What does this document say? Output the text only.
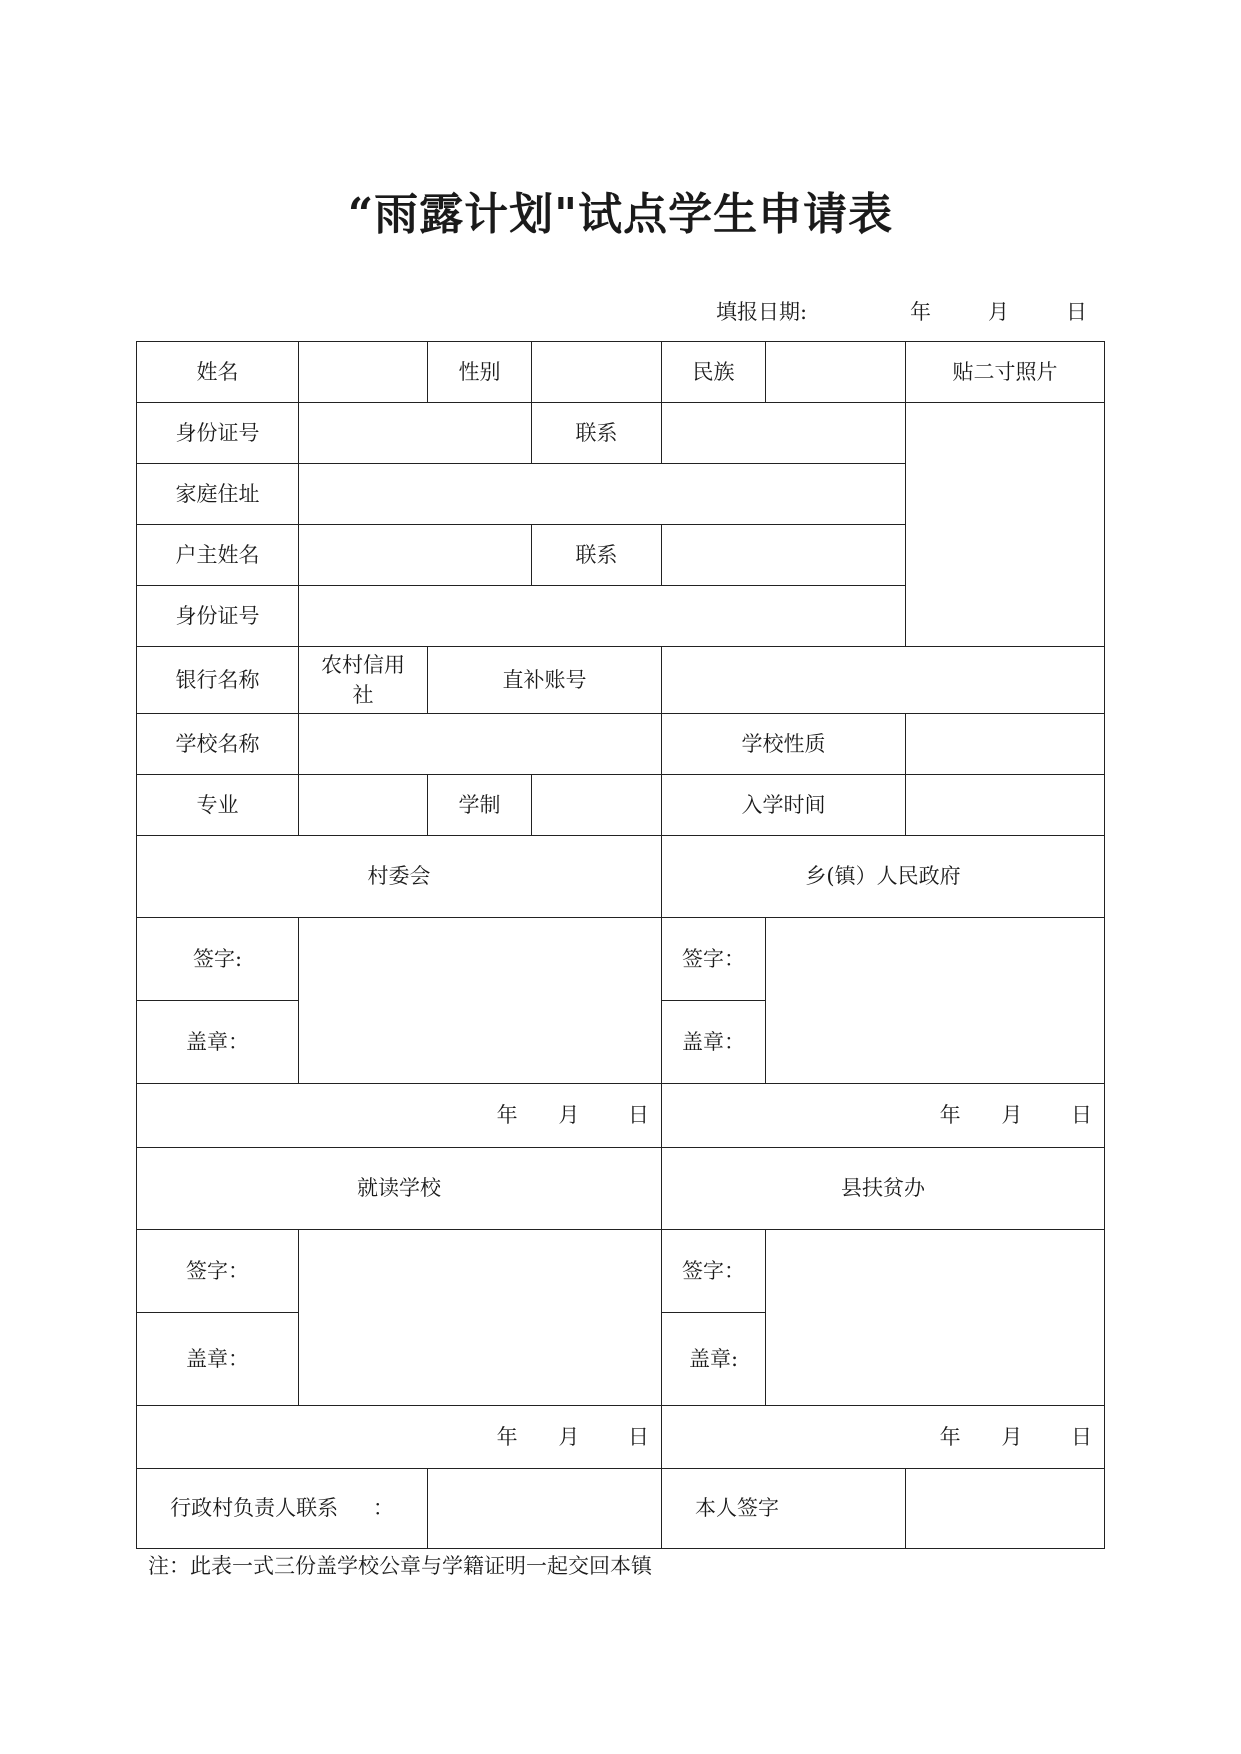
“雨露计划"试点学生申请表
填报日期:	年	月	日
姓名		性别		民族		贴二寸照片
身份证号			联系			
家庭住址						
户主姓名			联系			
身份证号						
银行名称	农村信用社	直补账号				
学校名称				学校性质		
专业		学制		入学时间		
村委会				乡(镇）人民政府		
签字:				签字：		
盖章：				盖章：		
年 月 日				年 月 日		
就读学校				县扶贫办		
签字：				签字：		
盖章：				盖章:		
年 月 日				年 月 日		
行政村负责人联系 ：				本人签字		

注：此表一式三份盖学校公章与学籍证明一起交回本镇
